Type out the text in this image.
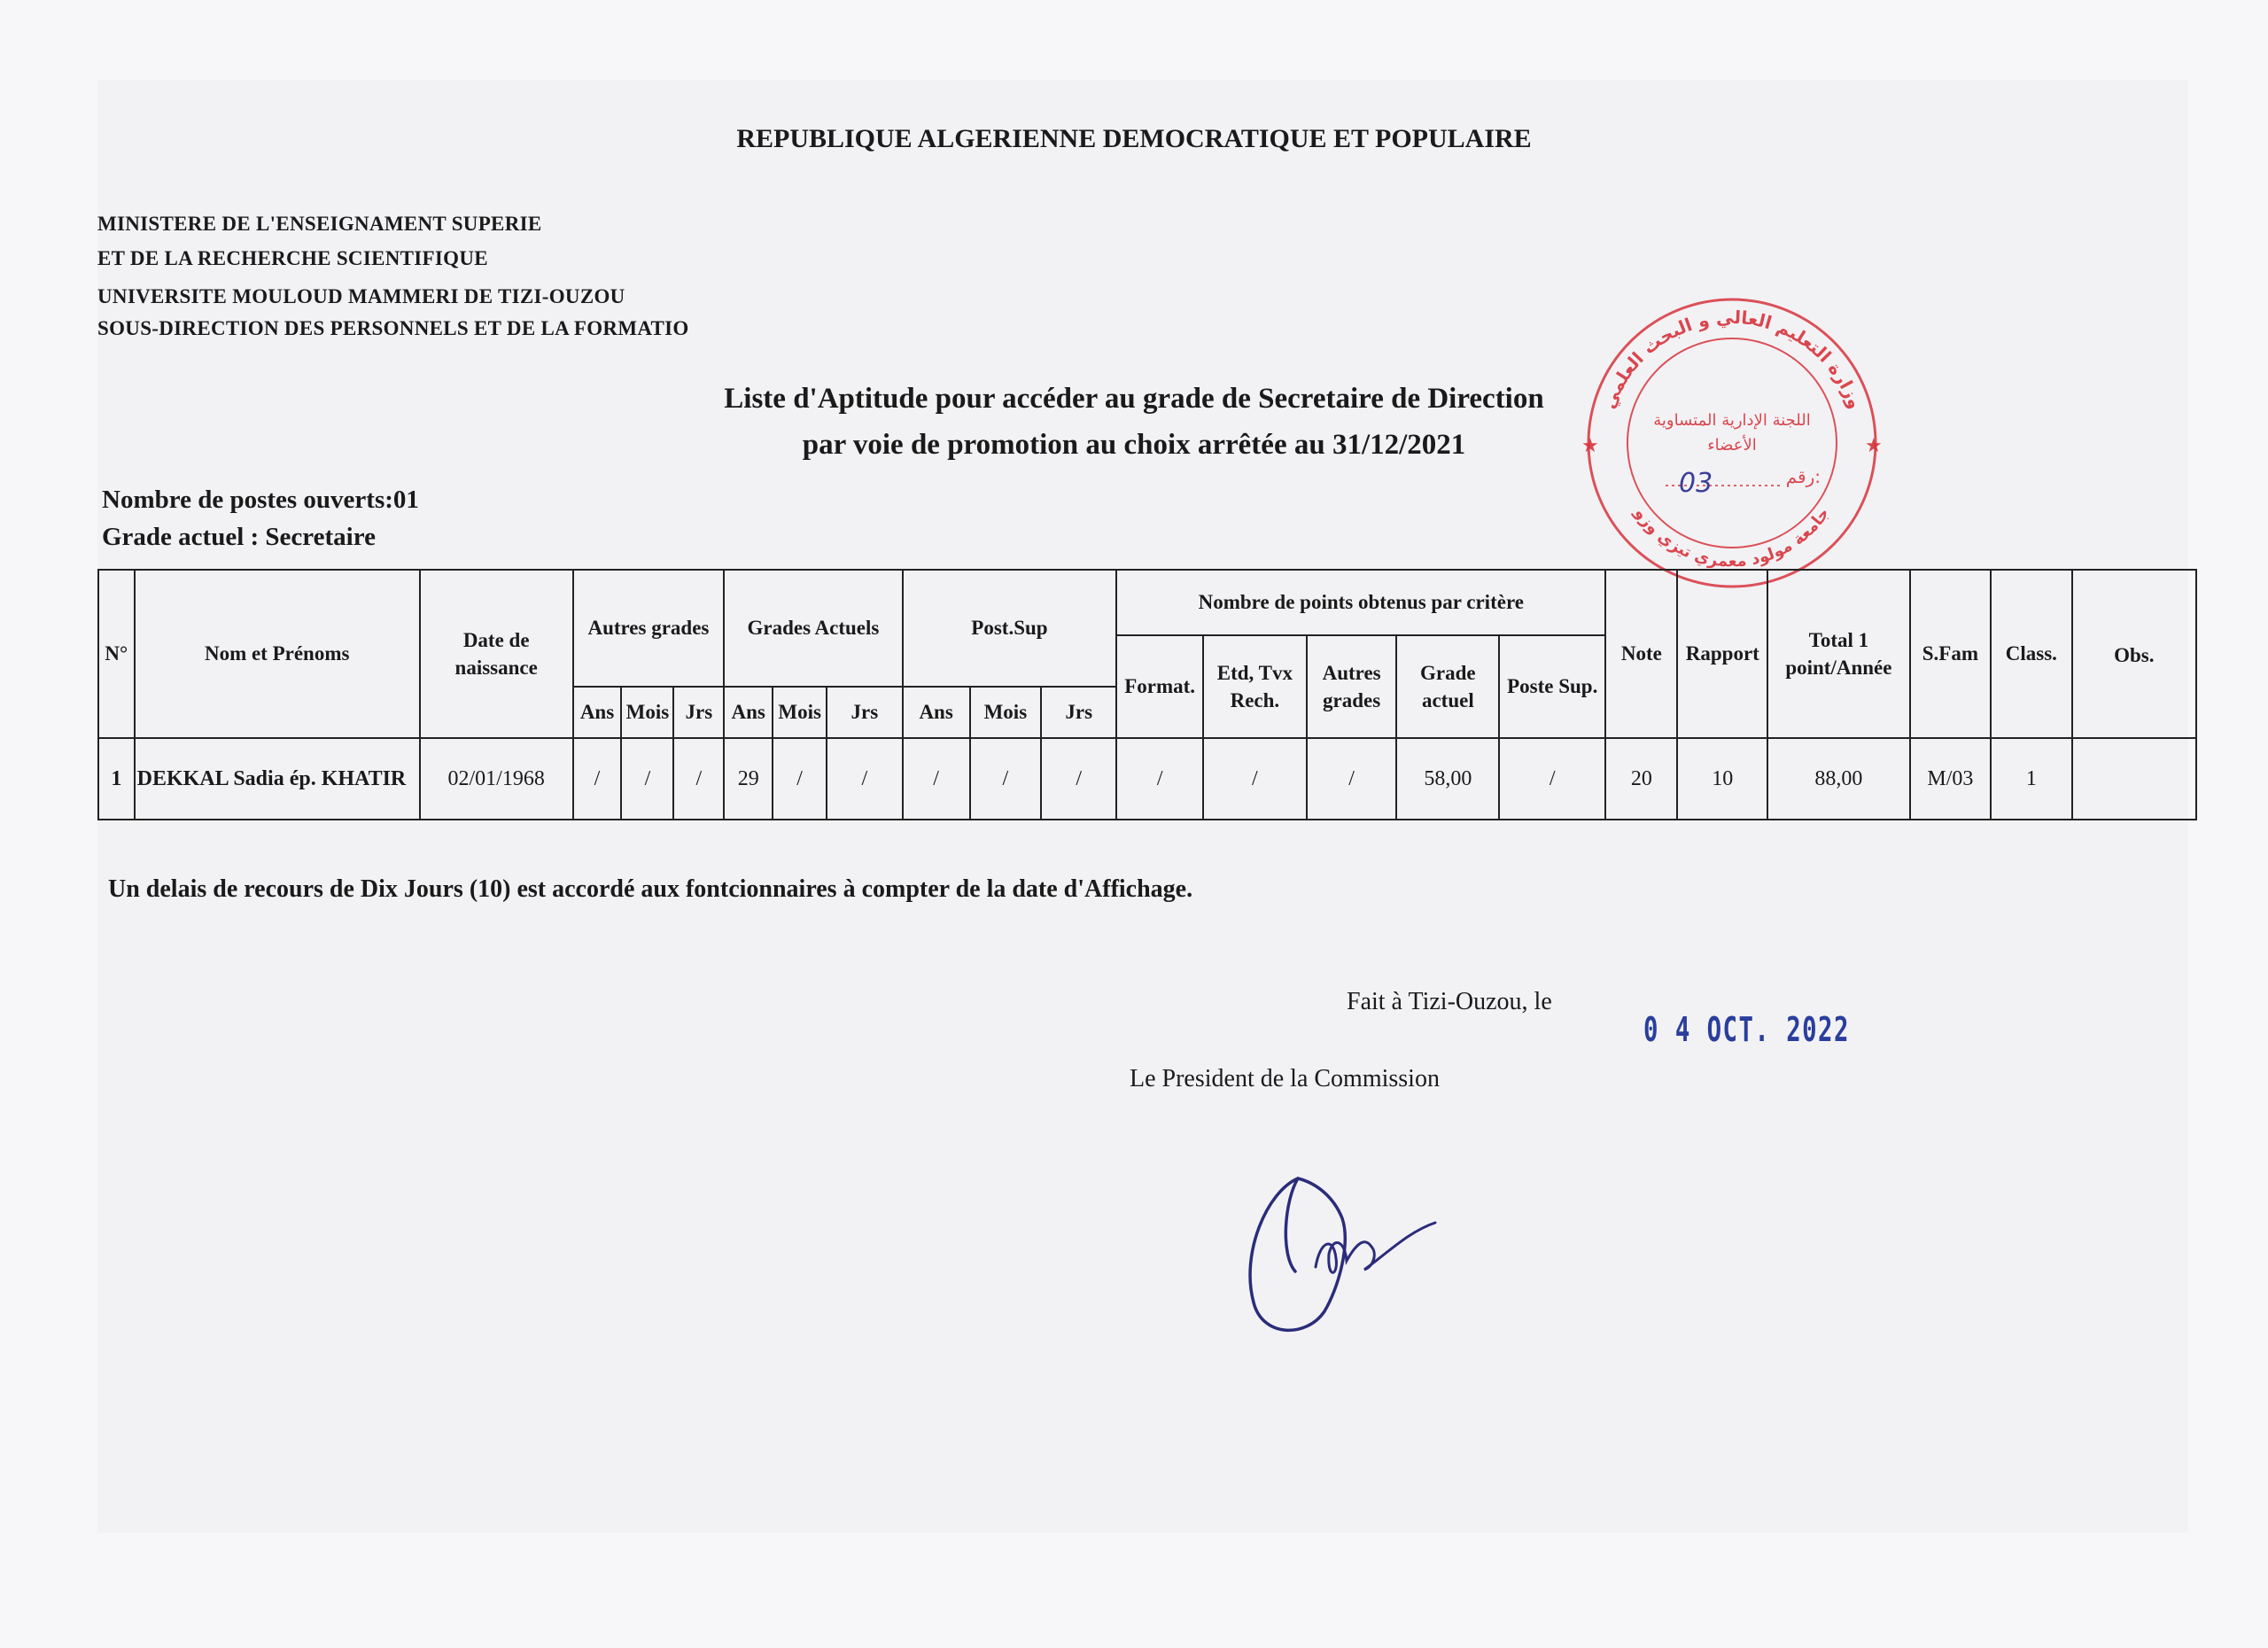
REPUBLIQUE ALGERIENNE DEMOCRATIQUE ET POPULAIRE
MINISTERE DE L'ENSEIGNAMENT SUPERIE
ET DE LA RECHERCHE SCIENTIFIQUE
UNIVERSITE MOULOUD MAMMERI DE TIZI-OUZOU
SOUS-DIRECTION DES PERSONNELS ET DE LA FORMATIO
Liste d'Aptitude pour accéder au grade de Secretaire de Direction
par voie de promotion au choix arrêtée au 31/12/2021
Nombre de postes ouverts:01
Grade actuel : Secretaire
وزارة التعليم العالي و البحث العلمي
جامعة مولود معمري تيزي وزو
اللجنة الإدارية المتساوية
الأعضاء
رقم:
★	★
03
N°	Nom et Prénoms	Date de naissance	Autres grades			Grades Actuels			Post.Sup			Nombre de points obtenus par critère					Note	Rapport	Total 1 point/Année	S.Fam	Class.	Obs.
												Format.	Etd, Tvx Rech.	Autres grades	Grade actuel	Poste Sup.						
			Ans	Mois	Jrs	Ans	Mois	Jrs	Ans	Mois	Jrs											
1	DEKKAL Sadia ép. KHATIR	02/01/1968	/	/	/	29	/	/	/	/	/	/	/	/	58,00	/	20	10	88,00	M/03	1	
Un delais de recours de Dix Jours (10) est accordé aux fontcionnaires à compter de la date d'Affichage.
Fait à Tizi-Ouzou, le
0 4 OCT. 2022
Le President de la Commission
